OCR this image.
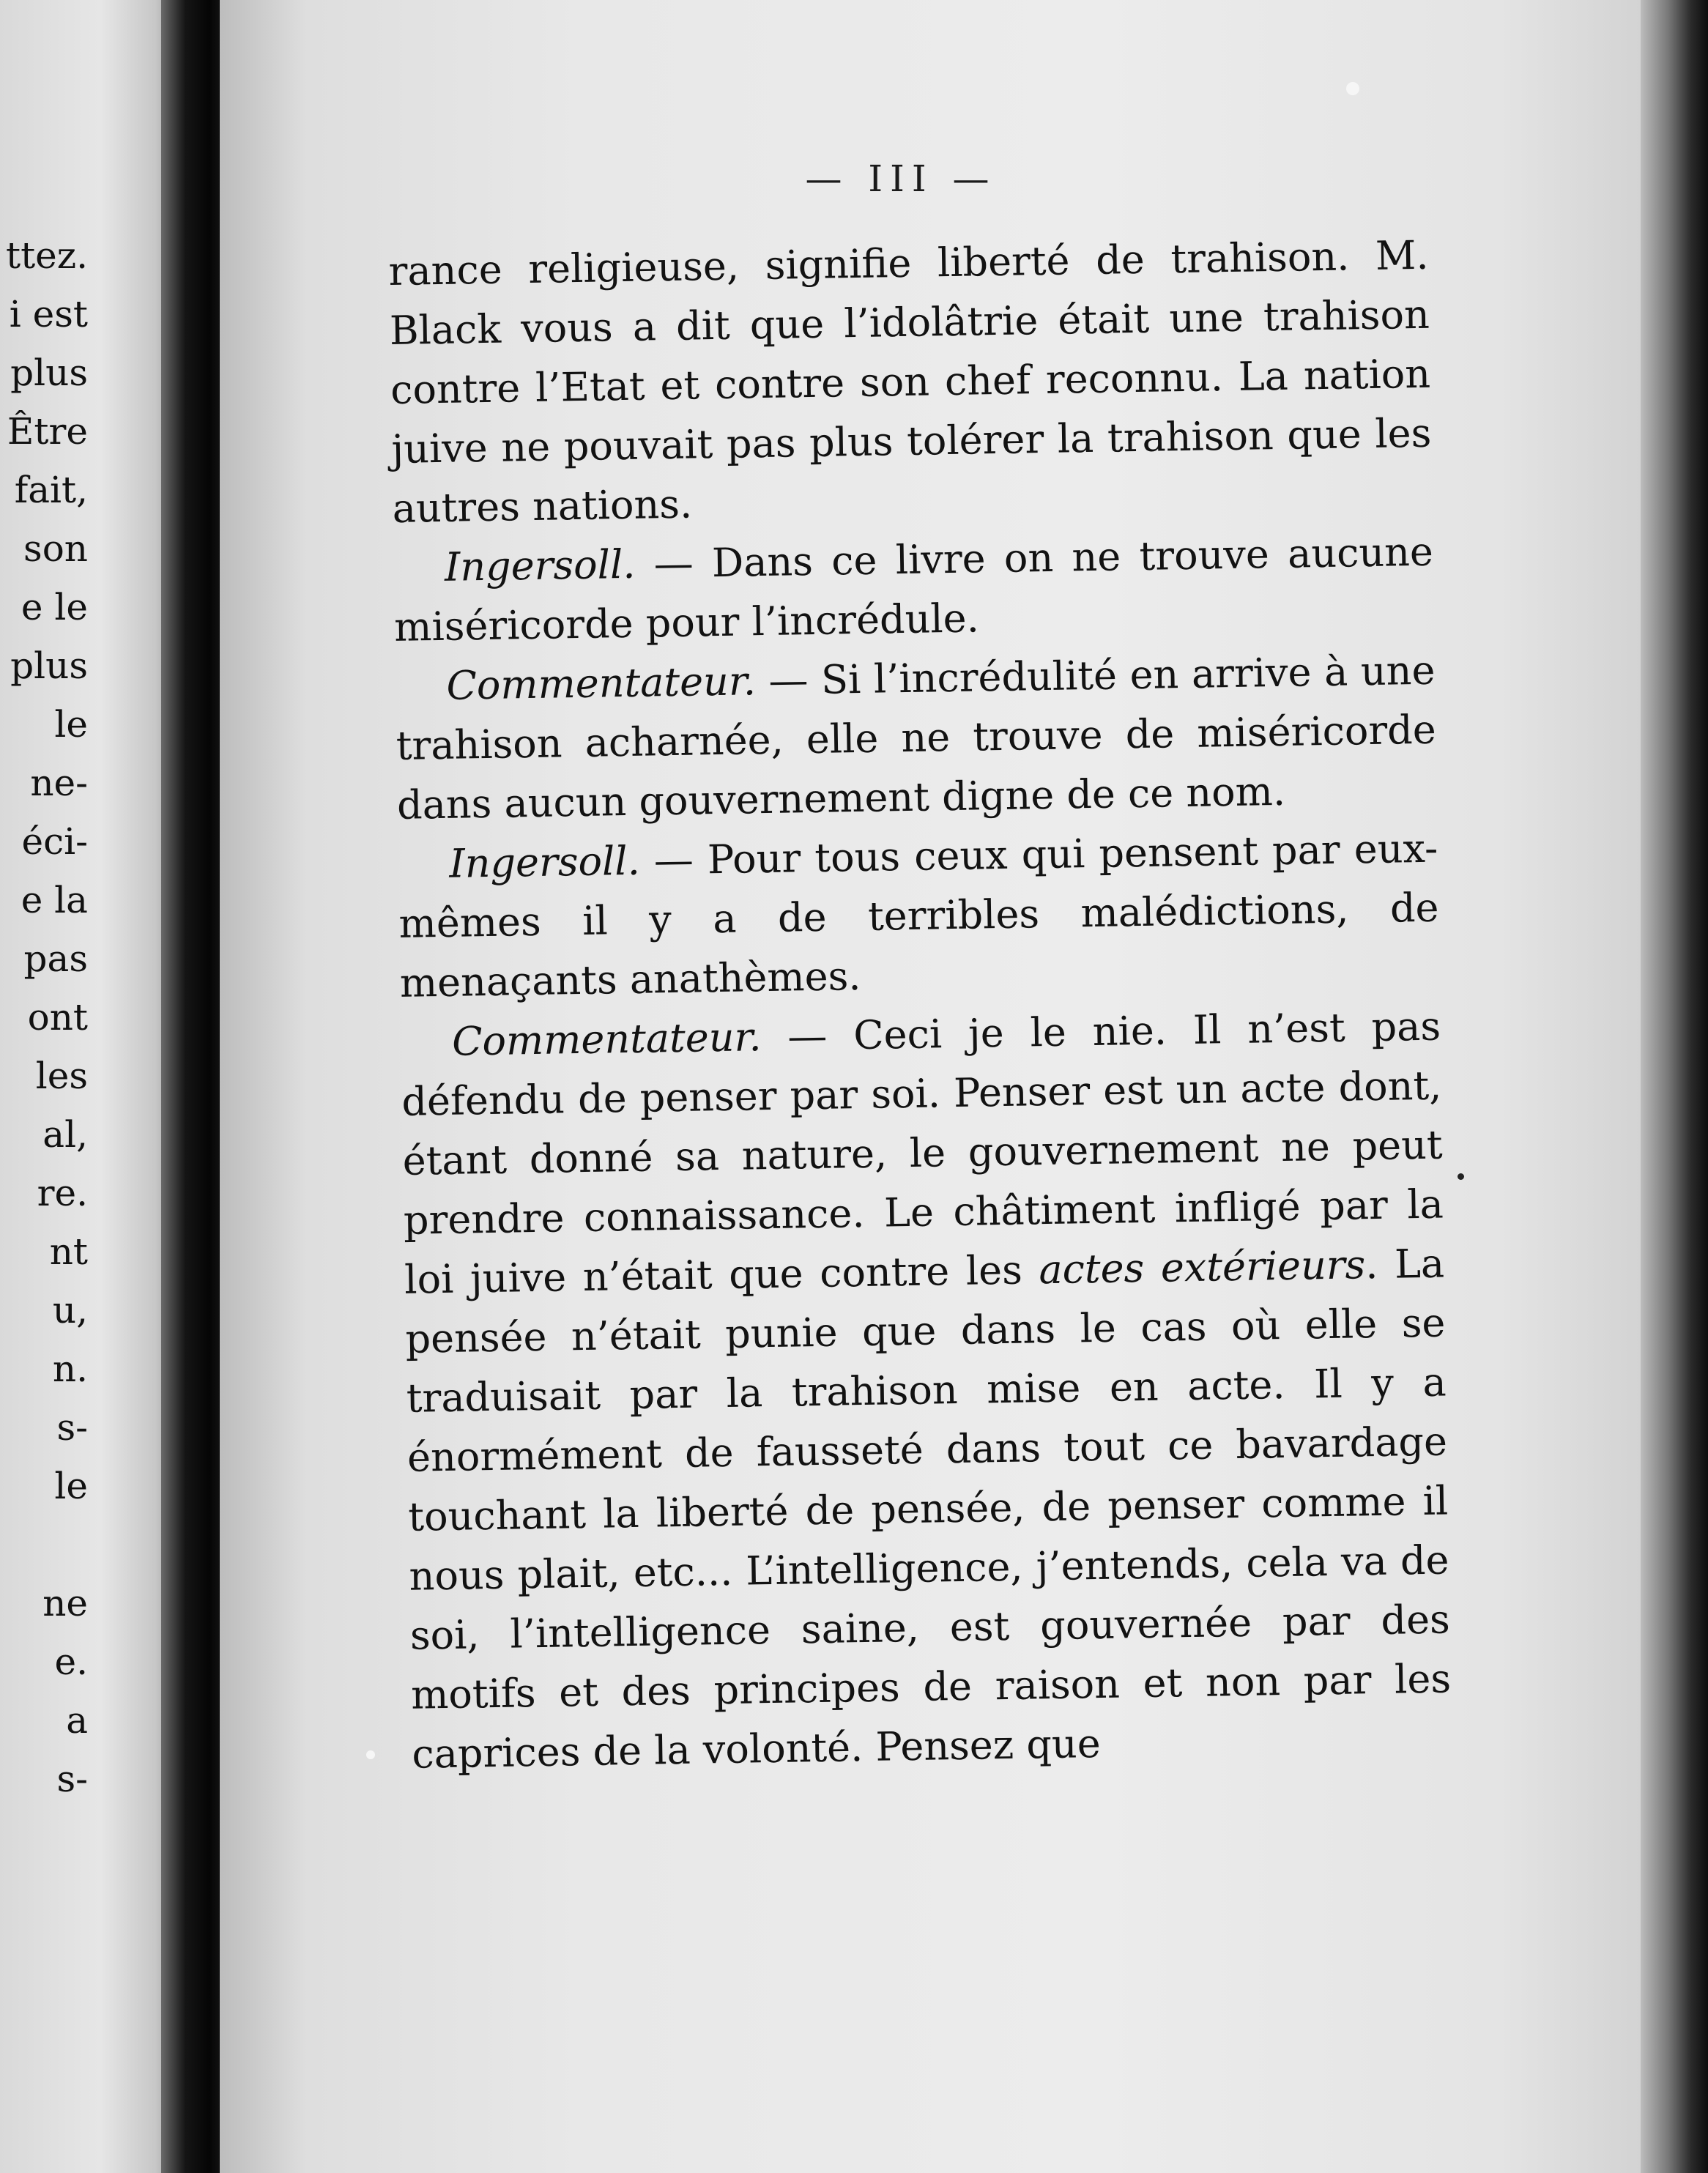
ttez.
i est
plus
Être
fait,
son
e le
plus
le
ne-
éci-
e la
pas
ont
les
al,
re.
nt
u,
n.
s-
le
ne
e.
a
s-
— III —

rance religieuse, signifie liberté de trahison. M. Black vous a dit que l’idolâtrie était une trahison contre l’Etat et contre son chef reconnu. La nation juive ne pouvait pas plus tolérer la trahison que les autres nations.

Ingersoll. — Dans ce livre on ne trouve aucune miséricorde pour l’incrédule.

Commentateur. — Si l’incrédulité en arrive à une trahison acharnée, elle ne trouve de miséricorde dans aucun gouvernement digne de ce nom.

Ingersoll. — Pour tous ceux qui pensent par eux-mêmes il y a de terribles malédictions, de menaçants anathèmes.

Commentateur. — Ceci je le nie. Il n’est pas défendu de penser par soi. Penser est un acte dont, étant donné sa nature, le gouvernement ne peut prendre connaissance. Le châtiment infligé par la loi juive n’était que contre les actes extérieurs. La pensée n’était punie que dans le cas où elle se traduisait par la trahison mise en acte. Il y a énormément de fausseté dans tout ce bavardage touchant la liberté de pensée, de penser comme il nous plait, etc... L’intelligence, j’entends, cela va de soi, l’intelligence saine, est gouvernée par des motifs et des principes de raison et non par les caprices de la volonté. Pensez que
